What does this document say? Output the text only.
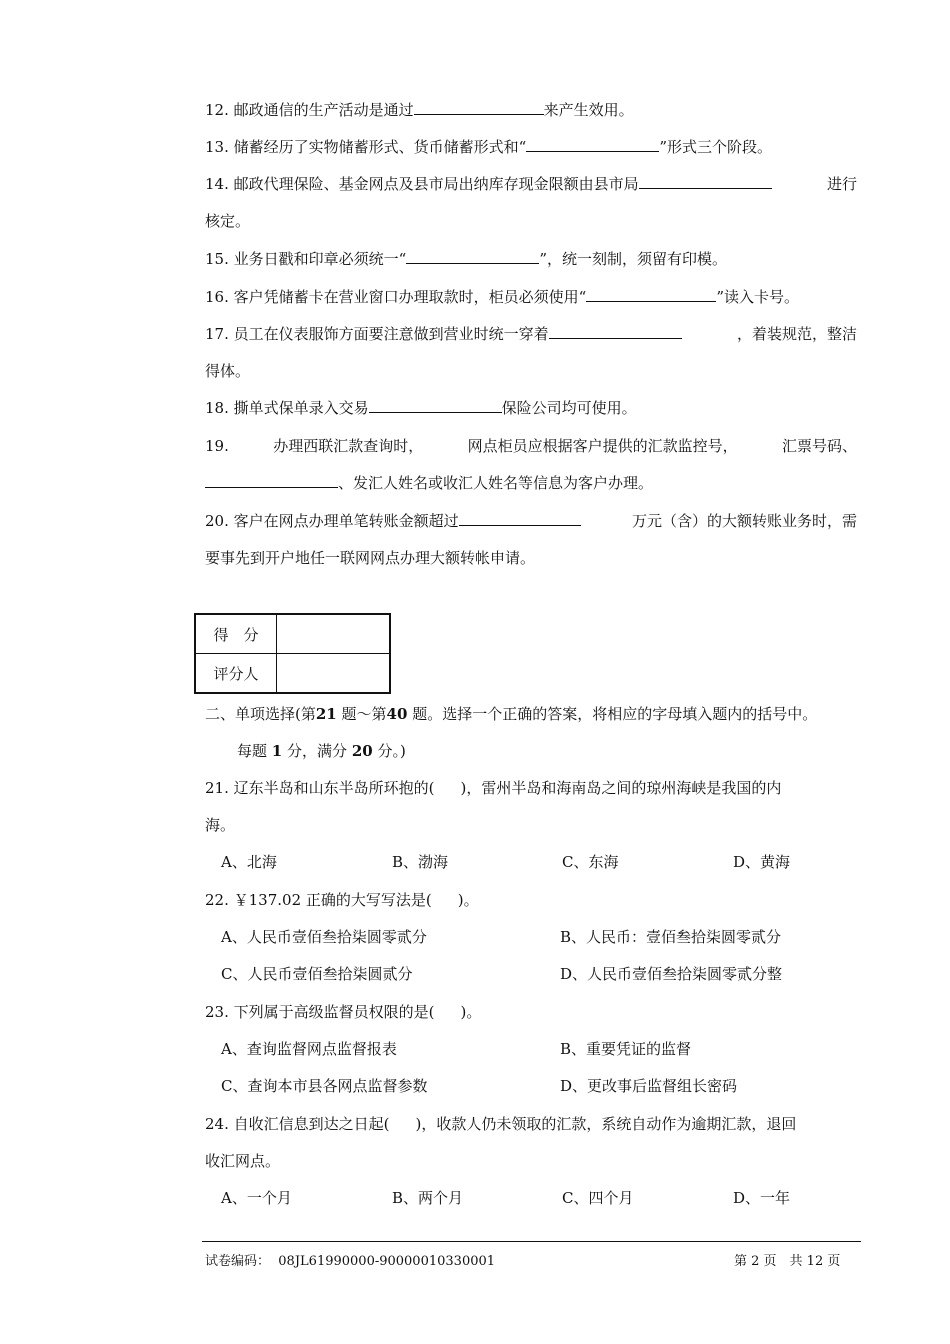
12. 邮政通信的生产活动是通过	来产生效用。
13. 储蓄经历了实物储蓄形式、货币储蓄形式和“	”形式三个阶段。
14. 邮政代理保险、基金网点及县市局出纳库存现金限额由县市局	进行
核定。
15. 业务日戳和印章必须统一“	”，统一刻制，须留有印模。
16. 客户凭储蓄卡在营业窗口办理取款时，柜员必须使用“	”读入卡号。
17. 员工在仪表服饰方面要注意做到营业时统一穿着	，着装规范，整洁
得体。
18. 撕单式保单录入交易	保险公司均可使用。
19.	办理西联汇款查询时，	网点柜员应根据客户提供的汇款监控号，	汇票号码、
、发汇人姓名或收汇人姓名等信息为客户办理。
20. 客户在网点办理单笔转账金额超过	万元（含）的大额转账业务时，需
要事先到开户地任一联网网点办理大额转帐申请。
得　分	
评分人	
二、单项选择(第21 题～第40 题。选择一个正确的答案，将相应的字母填入题内的括号中。
每题 1 分，满分 20 分。)
21. 辽东半岛和山东半岛所环抱的( )，雷州半岛和海南岛之间的琼州海峡是我国的内
海。
A、北海	B、渤海	C、东海	D、黄海
22. ￥137.02 正确的大写写法是( )。
A、人民币壹佰叁拾柒圆零贰分	B、人民币：壹佰叁拾柒圆零贰分
C、人民币壹佰叁拾柒圆贰分	D、人民币壹佰叁拾柒圆零贰分整
23. 下列属于高级监督员权限的是( )。
A、查询监督网点监督报表	B、重要凭证的监督
C、查询本市县各网点监督参数	D、更改事后监督组长密码
24. 自收汇信息到达之日起( )，收款人仍未领取的汇款，系统自动作为逾期汇款，退回
收汇网点。
A、一个月	B、两个月	C、四个月	D、一年
试卷编码： 08JL61990000-90000010330001	第 2 页　共 12 页
